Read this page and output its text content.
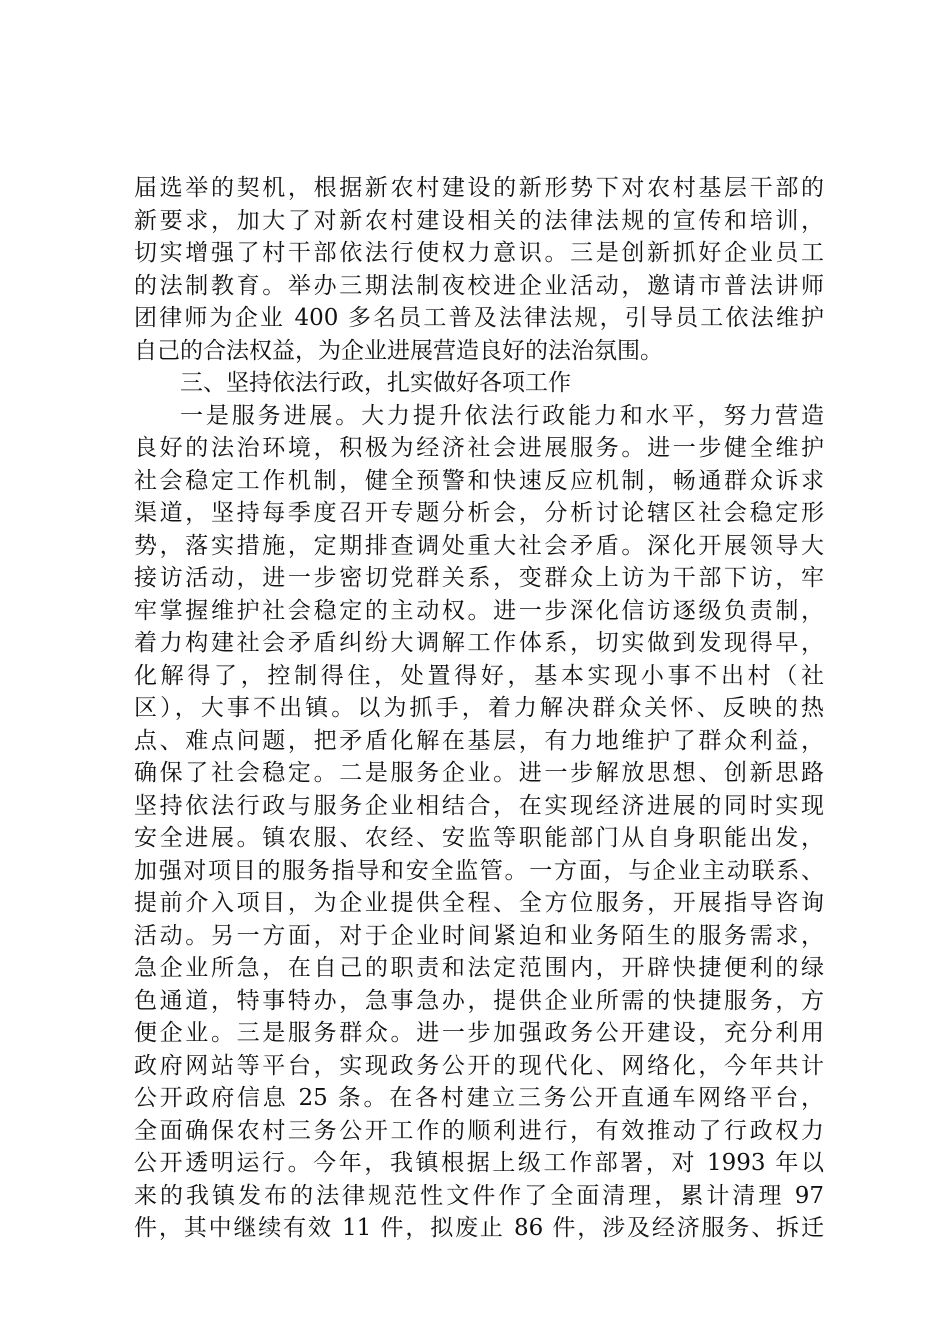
届选举的契机，根据新农村建设的新形势下对农村基层干部的
新要求，加大了对新农村建设相关的法律法规的宣传和培训，
切实增强了村干部依法行使权力意识。三是创新抓好企业员工
的法制教育。举办三期法制夜校进企业活动，邀请市普法讲师
团律师为企业 400 多名员工普及法律法规，引导员工依法维护
自己的合法权益，为企业进展营造良好的法治氛围。
三、坚持依法行政，扎实做好各项工作
一是服务进展。大力提升依法行政能力和水平，努力营造
良好的法治环境，积极为经济社会进展服务。进一步健全维护
社会稳定工作机制，健全预警和快速反应机制，畅通群众诉求
渠道，坚持每季度召开专题分析会，分析讨论辖区社会稳定形
势，落实措施，定期排查调处重大社会矛盾。深化开展领导大
接访活动，进一步密切党群关系，变群众上访为干部下访，牢
牢掌握维护社会稳定的主动权。进一步深化信访逐级负责制，
着力构建社会矛盾纠纷大调解工作体系，切实做到发现得早，
化解得了，控制得住，处置得好，基本实现小事不出村（社
区），大事不出镇。以为抓手，着力解决群众关怀、反映的热
点、难点问题，把矛盾化解在基层，有力地维护了群众利益，
确保了社会稳定。二是服务企业。进一步解放思想、创新思路
坚持依法行政与服务企业相结合，在实现经济进展的同时实现
安全进展。镇农服、农经、安监等职能部门从自身职能出发，
加强对项目的服务指导和安全监管。一方面，与企业主动联系、
提前介入项目，为企业提供全程、全方位服务，开展指导咨询
活动。另一方面，对于企业时间紧迫和业务陌生的服务需求，
急企业所急，在自己的职责和法定范围内，开辟快捷便利的绿
色通道，特事特办，急事急办，提供企业所需的快捷服务，方
便企业。三是服务群众。进一步加强政务公开建设，充分利用
政府网站等平台，实现政务公开的现代化、网络化，今年共计
公开政府信息 25 条。在各村建立三务公开直通车网络平台，
全面确保农村三务公开工作的顺利进行，有效推动了行政权力
公开透明运行。今年，我镇根据上级工作部署，对 1993 年以
来的我镇发布的法律规范性文件作了全面清理，累计清理 97
件，其中继续有效 11 件，拟废止 86 件，涉及经济服务、拆迁
